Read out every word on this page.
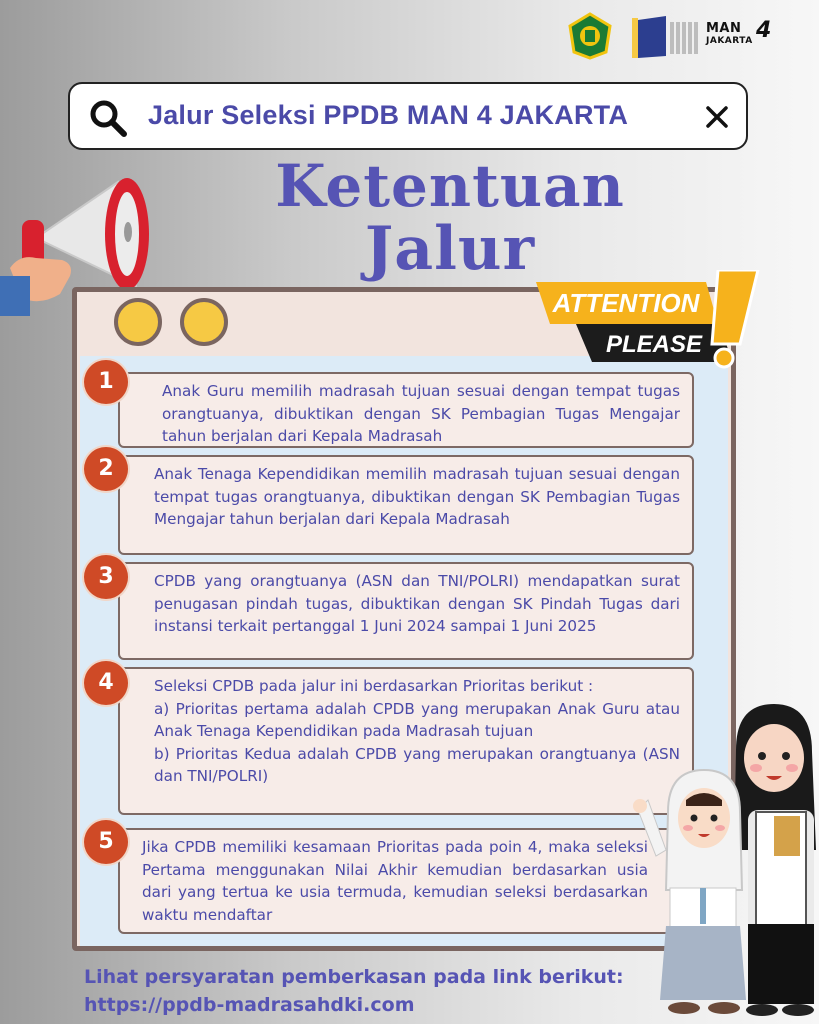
MAN 4
JAKARTA
Jalur Seleksi PPDB MAN 4 JAKARTA
Ketentuan
Jalur
ATTENTION
PLEASE
Anak Guru memilih madrasah tujuan sesuai dengan tempat tugas orangtuanya, dibuktikan dengan SK Pembagian Tugas Mengajar tahun berjalan dari Kepala Madrasah
1
Anak Tenaga Kependidikan memilih madrasah tujuan sesuai dengan tempat tugas orangtuanya, dibuktikan dengan SK Pembagian Tugas Mengajar tahun berjalan dari Kepala Madrasah
2
CPDB yang orangtuanya (ASN dan TNI/POLRI) mendapatkan surat penugasan pindah tugas, dibuktikan dengan SK Pindah Tugas dari instansi terkait pertanggal 1 Juni 2024 sampai 1 Juni 2025
3
Seleksi CPDB pada jalur ini berdasarkan Prioritas berikut :
a) Prioritas pertama adalah CPDB yang merupakan Anak Guru atau Anak Tenaga Kependidikan pada Madrasah tujuan
b) Prioritas Kedua adalah CPDB yang merupakan orangtuanya (ASN dan TNI/POLRI)
4
Jika CPDB memiliki kesamaan Prioritas pada poin 4, maka seleksi Pertama menggunakan Nilai Akhir kemudian berdasarkan usia dari yang tertua ke usia termuda, kemudian seleksi berdasarkan waktu mendaftar
5
Lihat persyaratan pemberkasan pada link berikut:
https://ppdb-madrasahdki.com
